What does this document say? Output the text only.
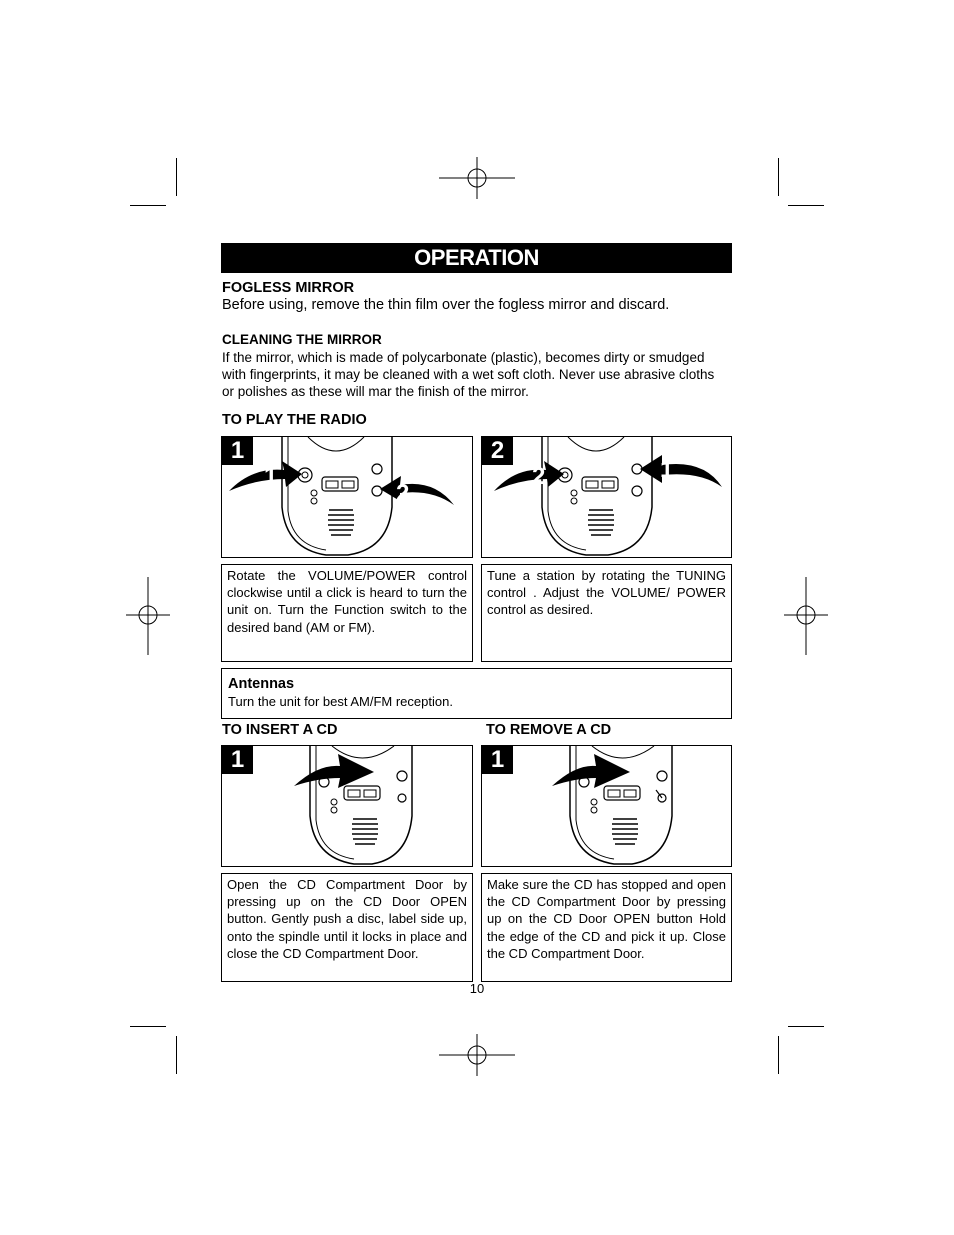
OPERATION
FOGLESS MIRROR
Before using, remove the thin film over the fogless mirror and discard.
CLEANING THE MIRROR
If the mirror, which is made of polycarbonate (plastic), becomes dirty or smudged
with fingerprints, it may be cleaned with a wet soft cloth. Never use abrasive cloths
or polishes as these will mar the finish of the mirror.
TO PLAY THE RADIO
1
1
2
2
2	1
Rotate the VOLUME/POWER control clockwise until a click is heard to turn the unit on. Turn the Function switch to the desired band (AM or FM).
Tune a station by rotating the TUNING control . Adjust the VOLUME/ POWER control as desired.
Antennas
Turn the unit for best AM/FM reception.
TO INSERT A CD	TO REMOVE A CD
1	1
Open the CD Compartment Door by pressing up on the CD Door OPEN button. Gently push a disc, label side up, onto the spindle until it locks in place and close the CD Compartment Door.
Make sure the CD has stopped and open the CD Compartment Door by pressing up on the CD Door OPEN button Hold the edge of the CD and pick it up. Close the CD Compartment Door.
10
